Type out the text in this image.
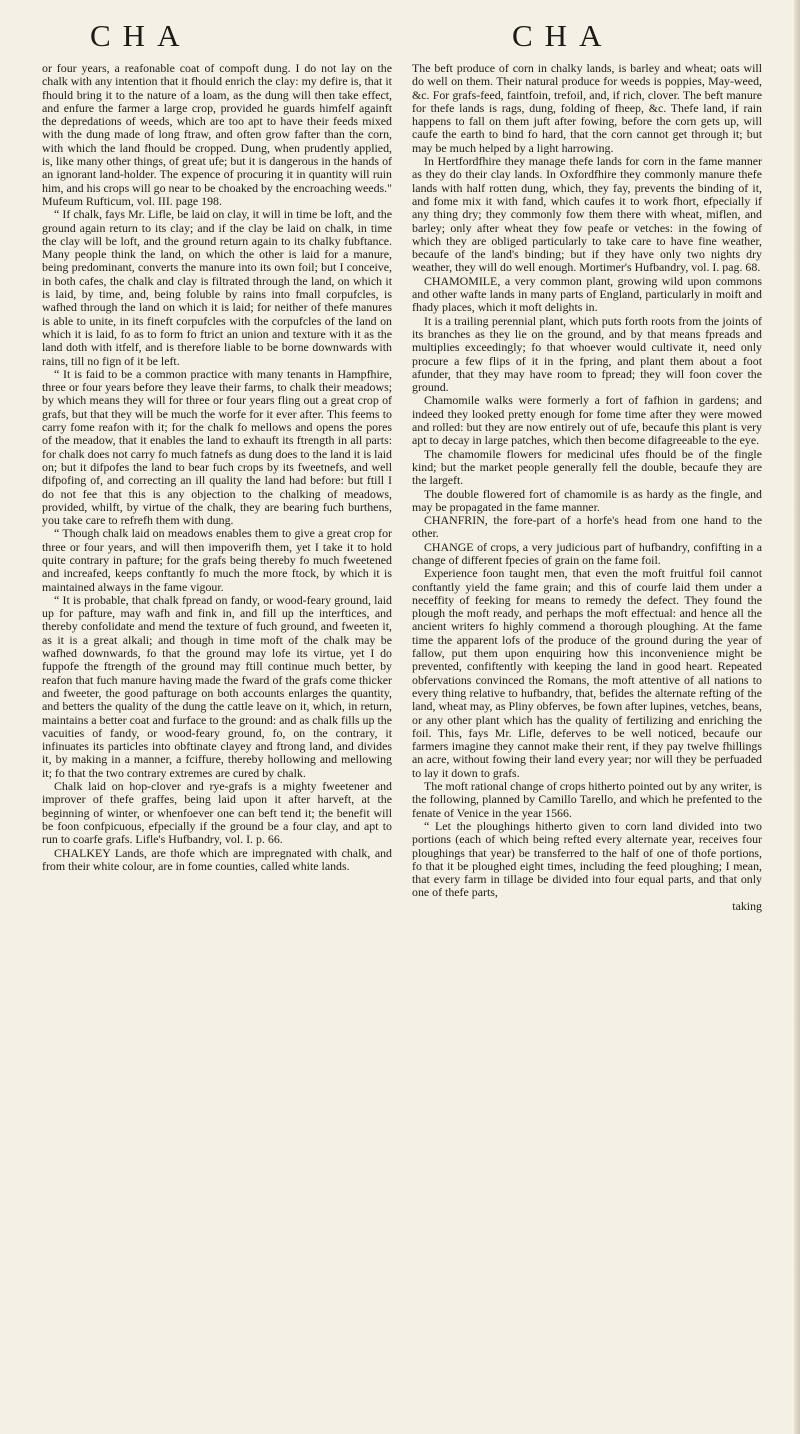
CHA	CHA

or four years, a reafonable coat of compoft dung. I do not lay on the chalk with any intention that it fhould enrich the clay: my defire is, that it fhould bring it to the nature of a loam, as the dung will then take effect, and enfure the farmer a large crop, provided he guards himfelf againft the depredations of weeds, which are too apt to have their feeds mixed with the dung made of long ftraw, and often grow fafter than the corn, with which the land fhould be cropped. Dung, when prudently applied, is, like many other things, of great ufe; but it is dangerous in the hands of an ignorant land-holder. The expence of procuring it in quantity will ruin him, and his crops will go near to be choaked by the encroaching weeds." Mufeum Rufticum, vol. III. page 198.

“ If chalk, fays Mr. Lifle, be laid on clay, it will in time be loft, and the ground again return to its clay; and if the clay be laid on chalk, in time the clay will be loft, and the ground return again to its chalky fubftance. Many people think the land, on which the other is laid for a manure, being predominant, converts the manure into its own foil; but I conceive, in both cafes, the chalk and clay is filtrated through the land, on which it is laid, by time, and, being foluble by rains into fmall corpufcles, is wafhed through the land on which it is laid; for neither of thefe manures is able to unite, in its fineft corpufcles with the corpufcles of the land on which it is laid, fo as to form fo ftrict an union and texture with it as the land doth with itfelf, and is therefore liable to be borne downwards with rains, till no fign of it be left.

“ It is faid to be a common practice with many tenants in Hampfhire, three or four years before they leave their farms, to chalk their meadows; by which means they will for three or four years fling out a great crop of grafs, but that they will be much the worfe for it ever after. This feems to carry fome reafon with it; for the chalk fo mellows and opens the pores of the meadow, that it enables the land to exhauft its ftrength in all parts: for chalk does not carry fo much fatnefs as dung does to the land it is laid on; but it difpofes the land to bear fuch crops by its fweetnefs, and well difpofing of, and correcting an ill quality the land had before: but ftill I do not fee that this is any objection to the chalking of meadows, provided, whilft, by virtue of the chalk, they are bearing fuch burthens, you take care to refrefh them with dung.

“ Though chalk laid on meadows enables them to give a great crop for three or four years, and will then impoverifh them, yet I take it to hold quite contrary in pafture; for the grafs being thereby fo much fweetened and increafed, keeps conftantly fo much the more ftock, by which it is maintained always in the fame vigour.

“ It is probable, that chalk fpread on fandy, or wood-feary ground, laid up for pafture, may wafh and fink in, and fill up the interftices, and thereby confolidate and mend the texture of fuch ground, and fweeten it, as it is a great alkali; and though in time moft of the chalk may be wafhed downwards, fo that the ground may lofe its virtue, yet I do fuppofe the ftrength of the ground may ftill continue much better, by reafon that fuch manure having made the fward of the grafs come thicker and fweeter, the good pafturage on both accounts enlarges the quantity, and betters the quality of the dung the cattle leave on it, which, in return, maintains a better coat and furface to the ground: and as chalk fills up the vacuities of fandy, or wood-feary ground, fo, on the contrary, it infinuates its particles into obftinate clayey and ftrong land, and divides it, by making in a manner, a fciffure, thereby hollowing and mellowing it; fo that the two contrary extremes are cured by chalk.

Chalk laid on hop-clover and rye-grafs is a mighty fweetener and improver of thefe graffes, being laid upon it after harveft, at the beginning of winter, or whenfoever one can beft tend it; the benefit will be foon confpicuous, efpecially if the ground be a four clay, and apt to run to coarfe grafs. Lifle's Hufbandry, vol. I. p. 66.

CHALKEY Lands, are thofe which are impregnated with chalk, and from their white colour, are in fome counties, called white lands.

The beft produce of corn in chalky lands, is barley and wheat; oats will do well on them. Their natural produce for weeds is poppies, May-weed, &c. For grafs-feed, faintfoin, trefoil, and, if rich, clover. The beft manure for thefe lands is rags, dung, folding of fheep, &c. Thefe land, if rain happens to fall on them juft after fowing, before the corn gets up, will caufe the earth to bind fo hard, that the corn cannot get through it; but may be much helped by a light harrowing.

In Hertfordfhire they manage thefe lands for corn in the fame manner as they do their clay lands. In Oxfordfhire they commonly manure thefe lands with half rotten dung, which, they fay, prevents the binding of it, and fome mix it with fand, which caufes it to work fhort, efpecially if any thing dry; they commonly fow them there with wheat, miflen, and barley; only after wheat they fow peafe or vetches: in the fowing of which they are obliged particularly to take care to have fine weather, becaufe of the land's binding; but if they have only two nights dry weather, they will do well enough. Mortimer's Hufbandry, vol. I. pag. 68.

CHAMOMILE, a very common plant, growing wild upon commons and other wafte lands in many parts of England, particularly in moift and fhady places, which it moft delights in.

It is a trailing perennial plant, which puts forth roots from the joints of its branches as they lie on the ground, and by that means fpreads and multiplies exceedingly; fo that whoever would cultivate it, need only procure a few flips of it in the fpring, and plant them about a foot afunder, that they may have room to fpread; they will foon cover the ground.

Chamomile walks were formerly a fort of fafhion in gardens; and indeed they looked pretty enough for fome time after they were mowed and rolled: but they are now entirely out of ufe, becaufe this plant is very apt to decay in large patches, which then become difagreeable to the eye.

The chamomile flowers for medicinal ufes fhould be of the fingle kind; but the market people generally fell the double, becaufe they are the largeft.

The double flowered fort of chamomile is as hardy as the fingle, and may be propagated in the fame manner.

CHANFRIN, the fore-part of a horfe's head from one hand to the other.

CHANGE of crops, a very judicious part of hufbandry, confifting in a change of different fpecies of grain on the fame foil.

Experience foon taught men, that even the moft fruitful foil cannot conftantly yield the fame grain; and this of courfe laid them under a neceffity of feeking for means to remedy the defect. They found the plough the moft ready, and perhaps the moft effectual: and hence all the ancient writers fo highly commend a thorough ploughing. At the fame time the apparent lofs of the produce of the ground during the year of fallow, put them upon enquiring how this inconvenience might be prevented, confiftently with keeping the land in good heart. Repeated obfervations convinced the Romans, the moft attentive of all nations to every thing relative to hufbandry, that, befides the alternate refting of the land, wheat may, as Pliny obferves, be fown after lupines, vetches, beans, or any other plant which has the quality of fertilizing and enriching the foil. This, fays Mr. Lifle, deferves to be well noticed, becaufe our farmers imagine they cannot make their rent, if they pay twelve fhillings an acre, without fowing their land every year; nor will they be perfuaded to lay it down to grafs.

The moft rational change of crops hitherto pointed out by any writer, is the following, planned by Camillo Tarello, and which he prefented to the fenate of Venice in the year 1566.

“ Let the ploughings hitherto given to corn land divided into two portions (each of which being refted every alternate year, receives four ploughings that year) be transferred to the half of one of thofe portions, fo that it be ploughed eight times, including the feed ploughing; I mean, that every farm in tillage be divided into four equal parts, and that only one of thefe parts,

taking
